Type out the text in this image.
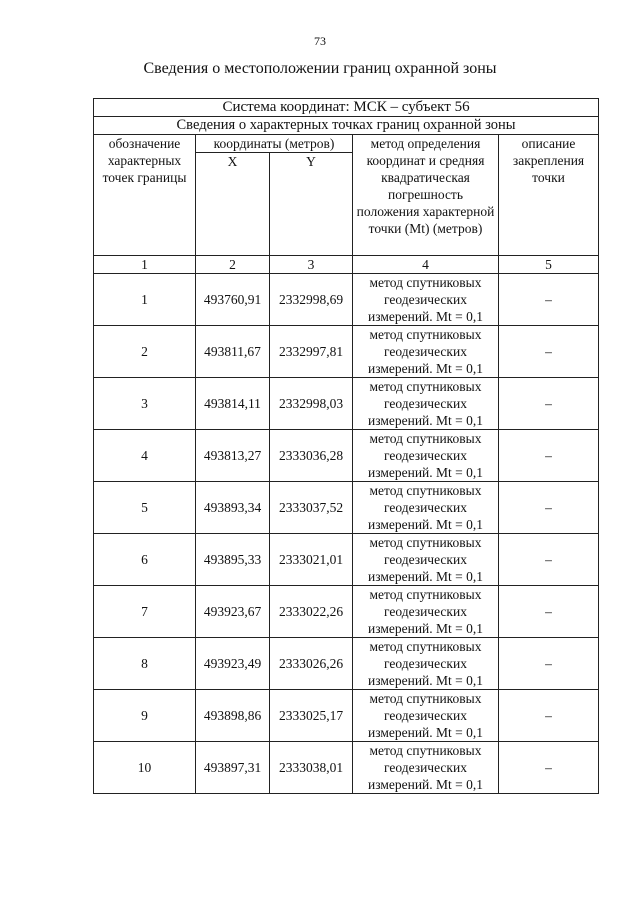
73
Сведения о местоположении границ охранной зоны
Система координат: МСК – субъект 56				
Сведения о характерных точках границ охранной зоны				
обозначение характерных точек границы	координаты (метров)		метод определения координат и средняя квадратическая погрешность положения характерной точки (Mt) (метров)	описание закрепления точки
	X	Y		
1	2	3	4	5
1	493760,91	2332998,69	метод спутниковых
геодезических
измерений. Mt = 0,1	–
2	493811,67	2332997,81	метод спутниковых
геодезических
измерений. Mt = 0,1	–
3	493814,11	2332998,03	метод спутниковых
геодезических
измерений. Mt = 0,1	–
4	493813,27	2333036,28	метод спутниковых
геодезических
измерений. Mt = 0,1	–
5	493893,34	2333037,52	метод спутниковых
геодезических
измерений. Mt = 0,1	–
6	493895,33	2333021,01	метод спутниковых
геодезических
измерений. Mt = 0,1	–
7	493923,67	2333022,26	метод спутниковых
геодезических
измерений. Mt = 0,1	–
8	493923,49	2333026,26	метод спутниковых
геодезических
измерений. Mt = 0,1	–
9	493898,86	2333025,17	метод спутниковых
геодезических
измерений. Mt = 0,1	–
10	493897,31	2333038,01	метод спутниковых
геодезических
измерений. Mt = 0,1	–
